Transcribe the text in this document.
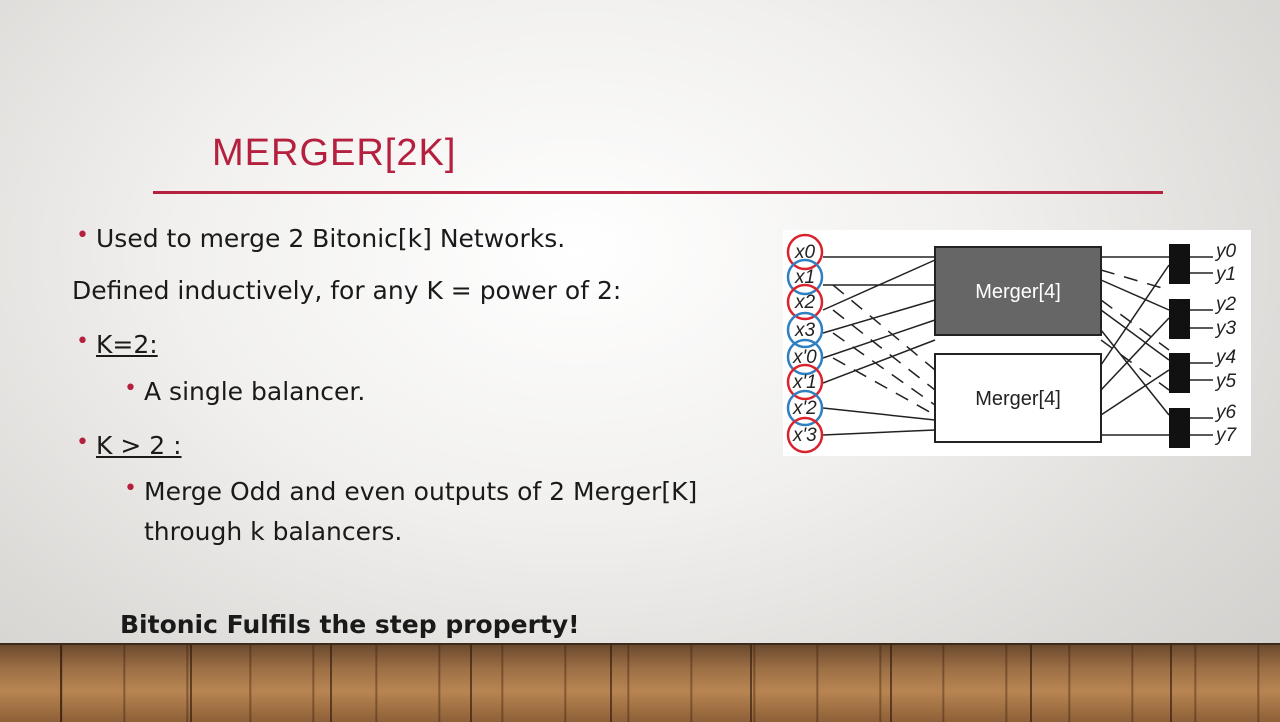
MERGER[2K]
• Used to merge 2 Bitonic[k] Networks.
Defined inductively, for any K = power of 2:
• K=2:
• A single balancer.
• K > 2 :
• Merge Odd and even outputs of 2 Merger[K]
through k balancers.
Bitonic Fulfils the step property!
Merger[4]
Merger[4]
x0
x1
x2
x3
x'0
x'1
x'2
x'3
y0
y1
y2
y3
y4
y5
y6
y7
